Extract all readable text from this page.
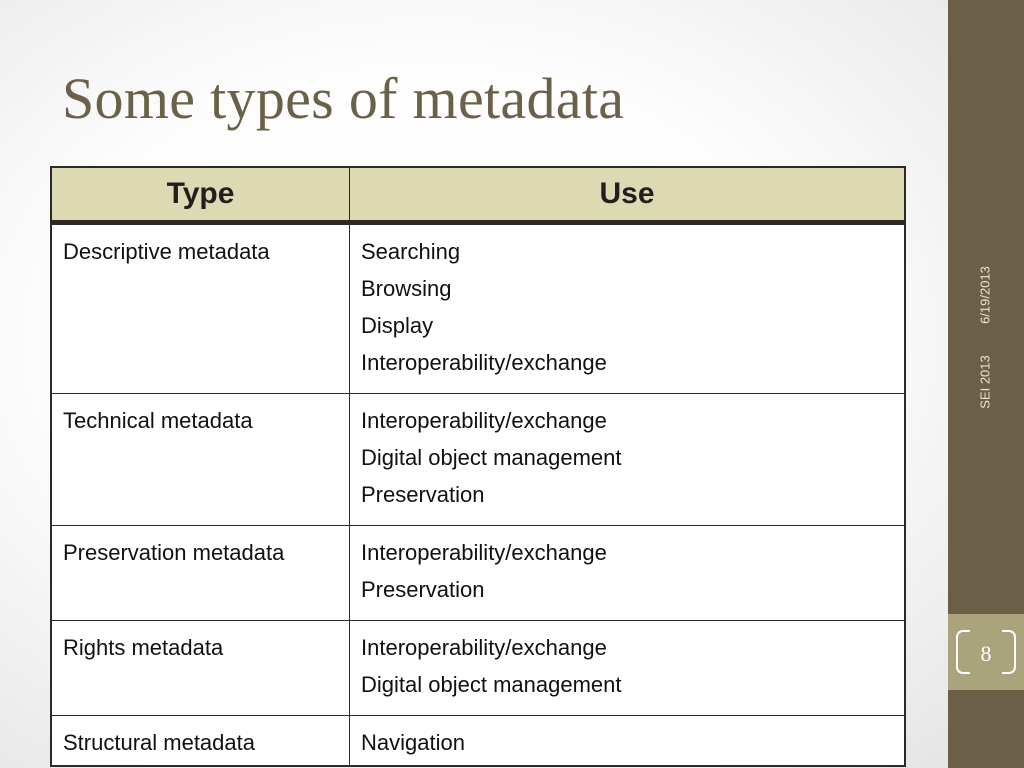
Some types of metadata
Type	Use
Descriptive metadata	Searching
Browsing
Display
Interoperability/exchange

Technical metadata	Interoperability/exchange
Digital object management
Preservation

Preservation metadata	Interoperability/exchange
Preservation

Rights metadata	Interoperability/exchange
Digital object management

Structural metadata	Navigation
6/19/2013
SEI 2013
8
